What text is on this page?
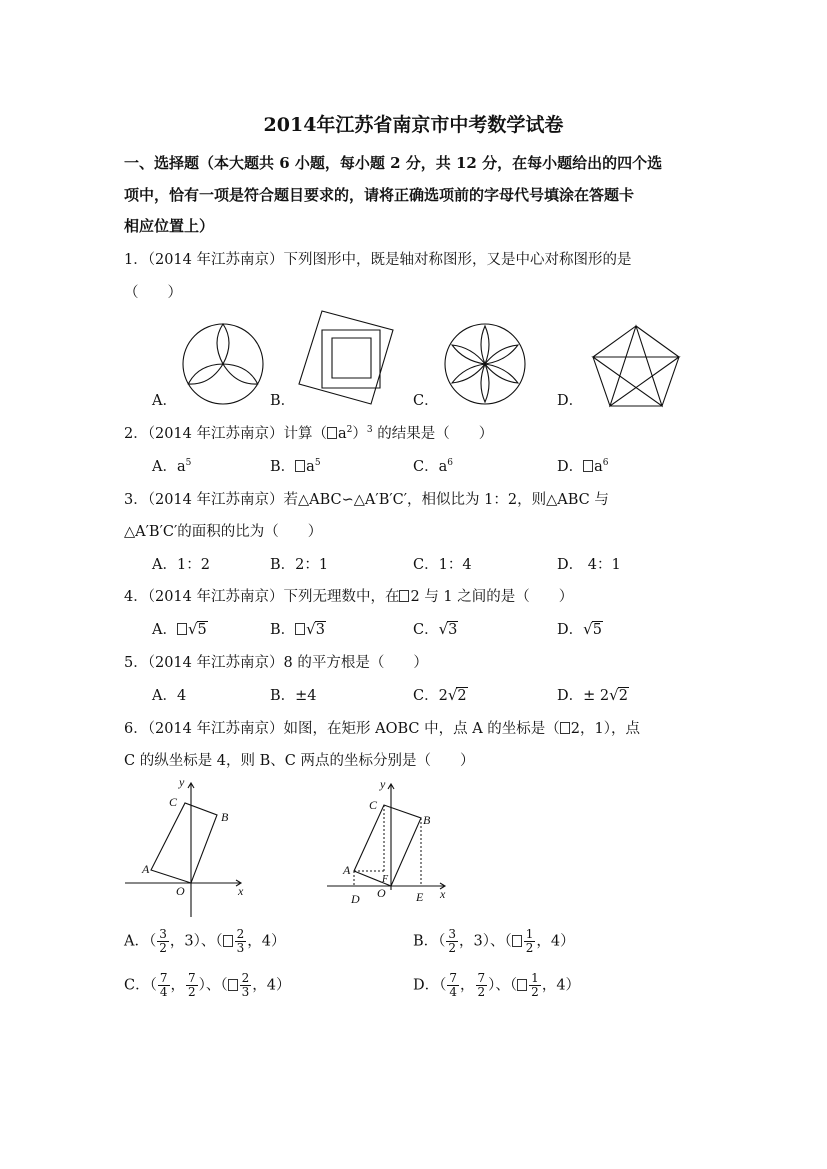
2014年江苏省南京市中考数学试卷
一、选择题（本大题共 6 小题，每小题 2 分，共 12 分，在每小题给出的四个选
项中，恰有一项是符合题目要求的，请将正确选项前的字母代号填涂在答题卡
相应位置上）
1．（2014 年江苏南京）下列图形中，既是轴对称图形，又是中心对称图形的是
（　　）
A．	B．	C．	D．
2．（2014 年江苏南京）计算（ $a^2)^3$ 的结果是（　　）
A．$a^5$	B． $a^5$	C．$a^6$	D． $a^6$
3．（2014 年江苏南京）若△ABC∽△A′B′C′，相似比为 1：2，则△ABC 与
△A′B′C′的面积的比为（　　）
A．1：2	B．2：1	C．1：4	D． 4：1
4．（2014 年江苏南京）下列无理数中，在 2 与 1 之间的是（　　）
A． √5	B． √3	C．√3	D．√5
5．（2014 年江苏南京）8 的平方根是（　　）
A．4	B．±4	C．2√2	D．± 2√2
6．（2014 年江苏南京）如图，在矩形 AOBC 中，点 A 的坐标是（ 2，1），点
C 的纵坐标是 4，则 B、C 两点的坐标分别是（　　）
y
x
C
B
A
O
y
x
C
B
A
O
D	E
F
A．（ $\frac{3}{2}$ ，3）、（ $\frac{2}{3}$ ，4）	B．（ $\frac{3}{2}$ ，3）、（ $\frac{1}{2}$ ，4）
C．（ $\frac{7}{4}$ ， $\frac{7}{2}$ ）、（ $\frac{2}{3}$ ，4）	D．（ $\frac{7}{4}$ ， $\frac{7}{2}$ ）、（ $\frac{1}{2}$ ，4）
